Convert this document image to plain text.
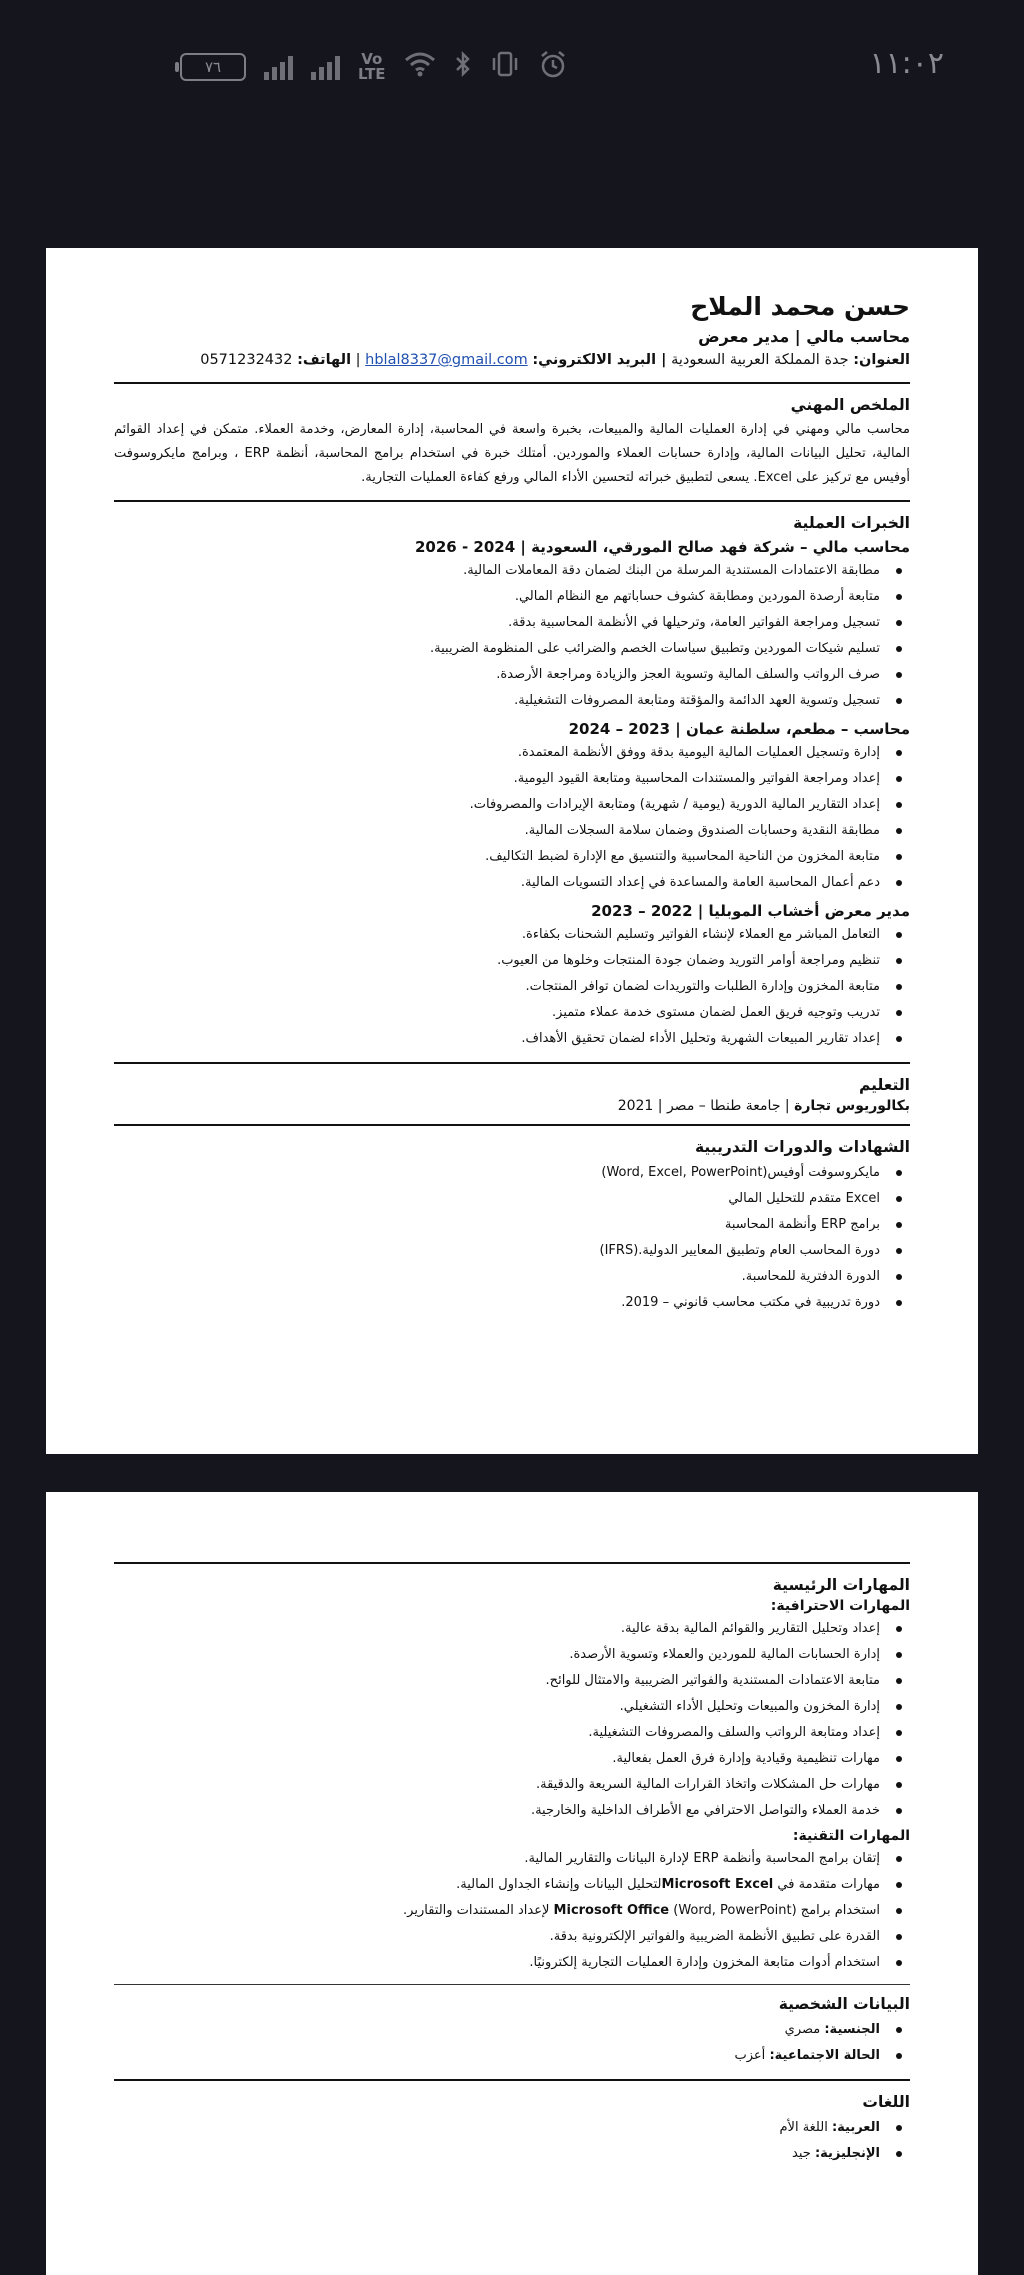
٧٦	Vo
LTE	١١:٠٢
حسن محمد الملاح
محاسب مالي | مدير معرض
العنوان: جدة المملكة العربية السعودية | البريد الالكتروني: hblal8337@gmail.com | الهاتف: 0571232432
الملخص المهني

محاسب مالي ومهني في إدارة العمليات المالية والمبيعات، بخبرة واسعة في المحاسبة، إدارة المعارض، وخدمة العملاء. متمكن في إعداد القوائم المالية، تحليل البيانات المالية، وإدارة حسابات العملاء والموردين. أمتلك خبرة في استخدام برامج المحاسبة، أنظمة ERP ، وبرامج مايكروسوفت أوفيس مع تركيز على Excel. يسعى لتطبيق خبراته لتحسين الأداء المالي ورفع كفاءة العمليات التجارية.

الخبرات العملية
محاسب مالي – شركة فهد صالح المورقي، السعودية | 2024 - 2026
مطابقة الاعتمادات المستندية المرسلة من البنك لضمان دقة المعاملات المالية.
متابعة أرصدة الموردين ومطابقة كشوف حساباتهم مع النظام المالي.
تسجيل ومراجعة الفواتير العامة، وترحيلها في الأنظمة المحاسبية بدقة.
تسليم شيكات الموردين وتطبيق سياسات الخصم والضرائب على المنظومة الضريبية.
صرف الرواتب والسلف المالية وتسوية العجز والزيادة ومراجعة الأرصدة.
تسجيل وتسوية العهد الدائمة والمؤقتة ومتابعة المصروفات التشغيلية.
محاسب – مطعم، سلطنة عمان | 2023 – 2024
إدارة وتسجيل العمليات المالية اليومية بدقة ووفق الأنظمة المعتمدة.
إعداد ومراجعة الفواتير والمستندات المحاسبية ومتابعة القيود اليومية.
إعداد التقارير المالية الدورية (يومية / شهرية) ومتابعة الإيرادات والمصروفات.
مطابقة النقدية وحسابات الصندوق وضمان سلامة السجلات المالية.
متابعة المخزون من الناحية المحاسبية والتنسيق مع الإدارة لضبط التكاليف.
دعم أعمال المحاسبة العامة والمساعدة في إعداد التسويات المالية.
مدير معرض أخشاب الموبليا | 2022 – 2023
التعامل المباشر مع العملاء لإنشاء الفواتير وتسليم الشحنات بكفاءة.
تنظيم ومراجعة أوامر التوريد وضمان جودة المنتجات وخلوها من العيوب.
متابعة المخزون وإدارة الطلبات والتوريدات لضمان توافر المنتجات.
تدريب وتوجيه فريق العمل لضمان مستوى خدمة عملاء متميز.
إعداد تقارير المبيعات الشهرية وتحليل الأداء لضمان تحقيق الأهداف.
التعليم
بكالوريوس تجارة | جامعة طنطا – مصر | 2021
الشهادات والدورات التدريبية
مايكروسوفت أوفيس(Word, Excel, PowerPoint)
Excel متقدم للتحليل المالي
برامج ERP وأنظمة المحاسبة
دورة المحاسب العام وتطبيق المعايير الدولية.(IFRS)
الدورة الدفترية للمحاسبة.
دورة تدريبية في مكتب محاسب قانوني – 2019.
المهارات الرئيسية
المهارات الاحترافية:
إعداد وتحليل التقارير والقوائم المالية بدقة عالية.
إدارة الحسابات المالية للموردين والعملاء وتسوية الأرصدة.
متابعة الاعتمادات المستندية والفواتير الضريبية والامتثال للوائح.
إدارة المخزون والمبيعات وتحليل الأداء التشغيلي.
إعداد ومتابعة الرواتب والسلف والمصروفات التشغيلية.
مهارات تنظيمية وقيادية وإدارة فرق العمل بفعالية.
مهارات حل المشكلات واتخاذ القرارات المالية السريعة والدقيقة.
خدمة العملاء والتواصل الاحترافي مع الأطراف الداخلية والخارجية.
المهارات التقنية:
إتقان برامج المحاسبة وأنظمة ERP لإدارة البيانات والتقارير المالية.
مهارات متقدمة في Microsoft Excelلتحليل البيانات وإنشاء الجداول المالية.
استخدام برامج Microsoft Office (Word, PowerPoint) لإعداد المستندات والتقارير.
القدرة على تطبيق الأنظمة الضريبية والفواتير الإلكترونية بدقة.
استخدام أدوات متابعة المخزون وإدارة العمليات التجارية إلكترونيًا.
البيانات الشخصية
الجنسية: مصري
الحالة الاجتماعية: أعزب
اللغات
العربية: اللغة الأم
الإنجليزية: جيد
